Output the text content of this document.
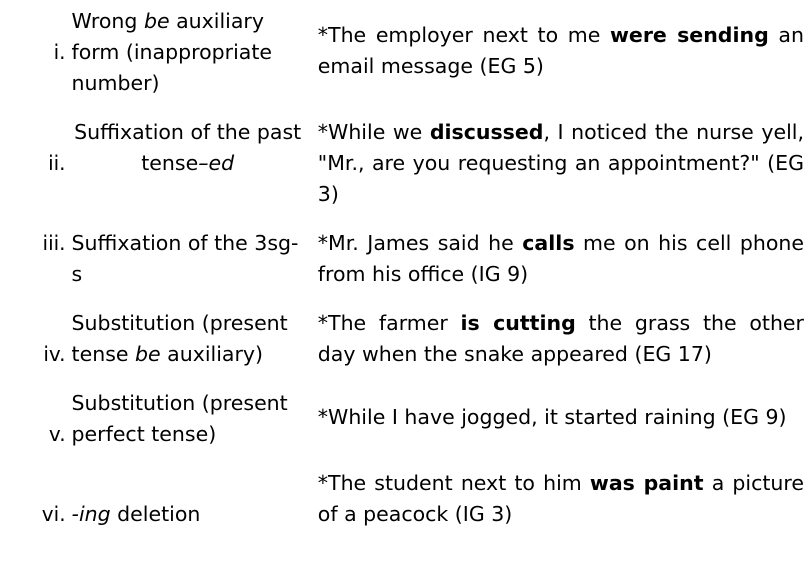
i.	Wrong be auxiliary form (inappropriate number)	*The employer next to me were sending an email message (EG 5)

ii.	Suffixation of the past tense–ed	*While we discussed, I noticed the nurse yell, "Mr., are you requesting an appointment?" (EG 3)

iii.	Suffixation of the 3sg-s	*Mr. James said he calls me on his cell phone from his office (IG 9)

iv.	Substitution (present tense be auxiliary)	*The farmer is cutting the grass the other day when the snake appeared (EG 17)

v.	Substitution (present perfect tense)	*While I have jogged, it started raining (EG 9)

vi.	-ing deletion	*The student next to him was paint a picture of a peacock (IG 3)
